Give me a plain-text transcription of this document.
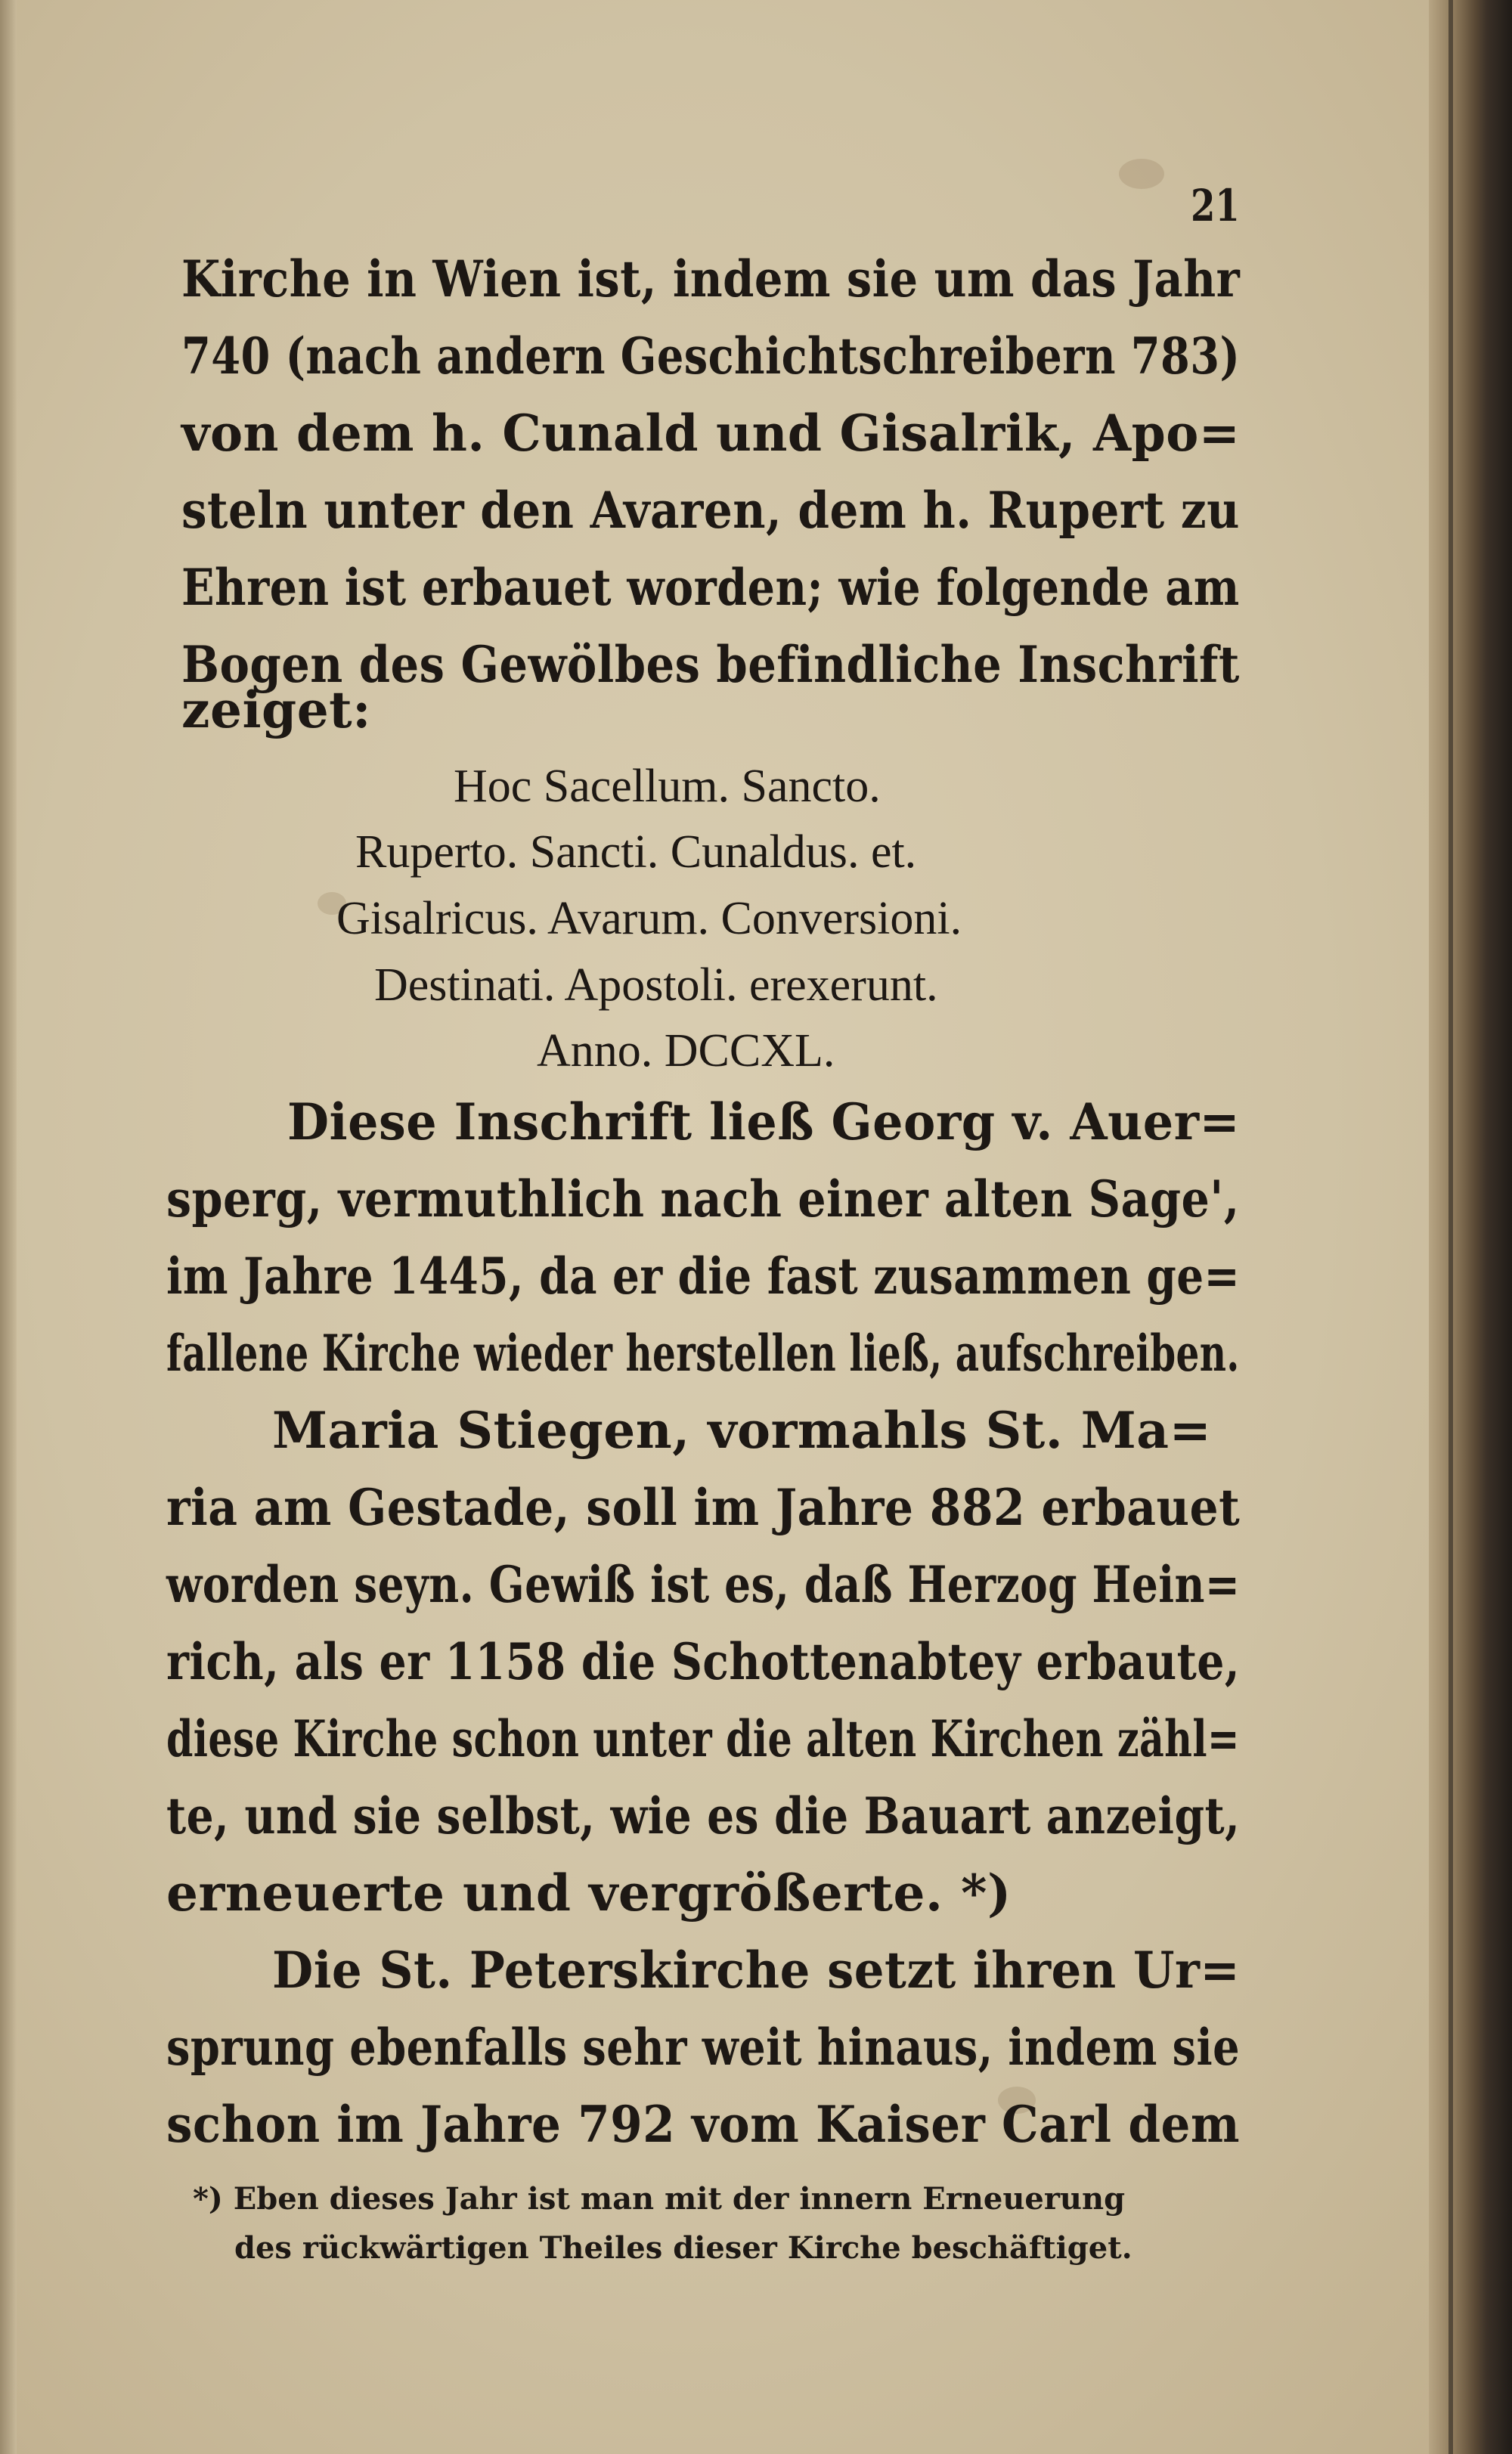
21
Kirche in Wien ist, indem sie um das Jahr
740 (nach andern Geschichtschreibern 783)
von dem h. Cunald und Gisalrik, Apo=
steln unter den Avaren, dem h. Rupert zu
Ehren ist erbauet worden; wie folgende am
Bogen des Gewölbes befindliche Inschrift
zeiget:
Hoc Sacellum. Sancto.
Ruperto. Sancti. Cunaldus. et.
Gisalricus. Avarum. Conversioni.
Destinati. Apostoli. erexerunt.
Anno. DCCXL.
Diese Inschrift ließ Georg v. Auer=
sperg, vermuthlich nach einer alten Sage',
im Jahre 1445, da er die fast zusammen ge=
fallene Kirche wieder herstellen ließ, aufschreiben.
Maria Stiegen, vormahls St. Ma=
ria am Gestade, soll im Jahre 882 erbauet
worden seyn. Gewiß ist es, daß Herzog Hein=
rich, als er 1158 die Schottenabtey erbaute,
diese Kirche schon unter die alten Kirchen zähl=
te, und sie selbst, wie es die Bauart anzeigt,
erneuerte und vergrößerte. *)
Die St. Peterskirche setzt ihren Ur=
sprung ebenfalls sehr weit hinaus, indem sie
schon im Jahre 792 vom Kaiser Carl dem
*) Eben dieses Jahr ist man mit der innern Erneuerung
des rückwärtigen Theiles dieser Kirche beschäftiget.
